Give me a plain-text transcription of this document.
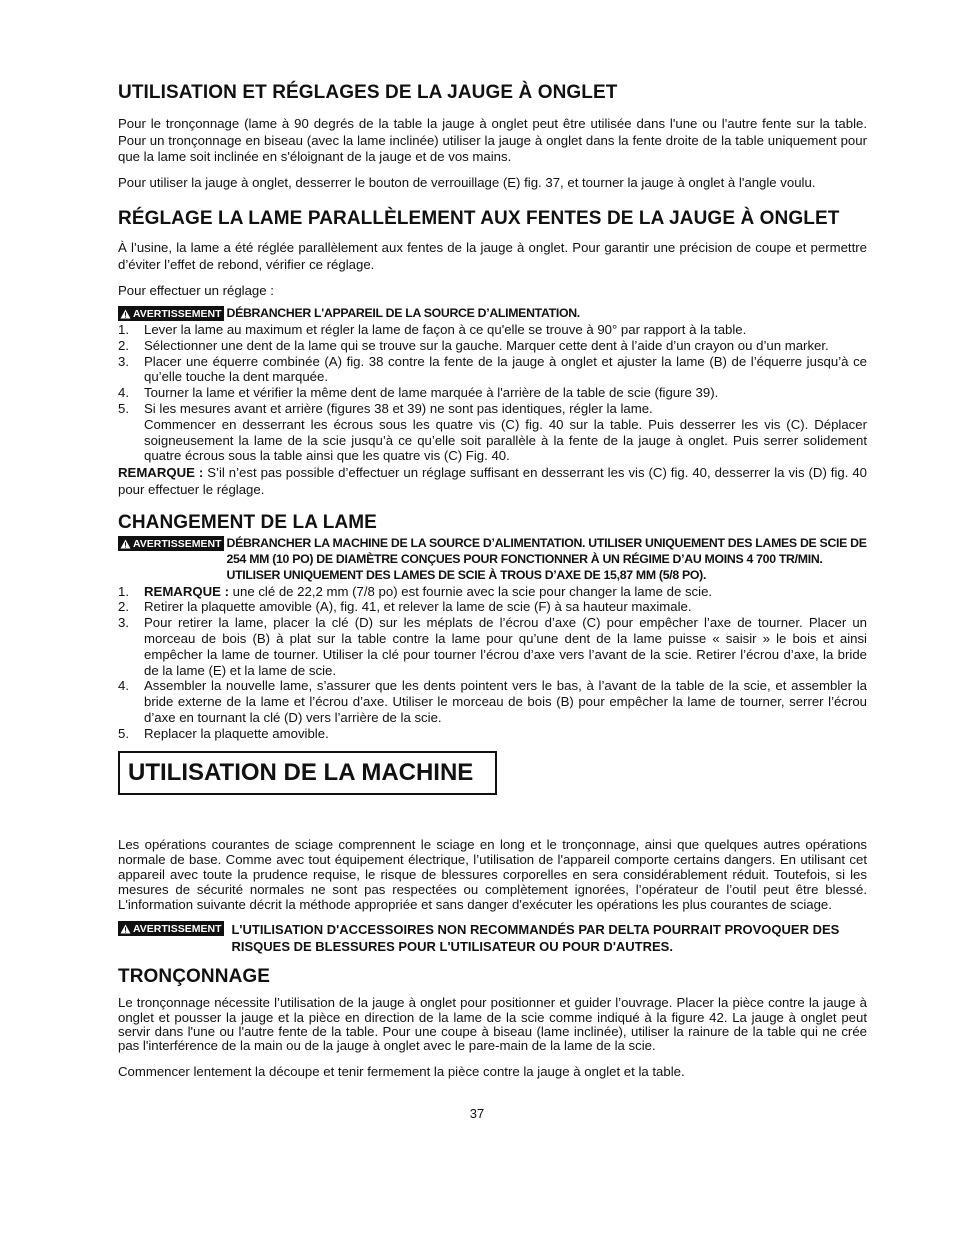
UTILISATION ET RÉGLAGES DE LA JAUGE À ONGLET

Pour le tronçonnage (lame à 90 degrés de la table la jauge à onglet peut être utilisée dans l'une ou l'autre fente sur la table. Pour un tronçonnage en biseau (avec la lame inclinée) utiliser la jauge à onglet dans la fente droite de la table uniquement pour que la lame soit inclinée en s'éloignant de la jauge et de vos mains.

Pour utiliser la jauge à onglet, desserrer le bouton de verrouillage (E) fig. 37, et tourner la jauge à onglet à l'angle voulu.

RÉGLAGE LA LAME PARALLÈLEMENT AUX FENTES DE LA JAUGE À ONGLET

À l’usine, la lame a été réglée parallèlement aux fentes de la jauge à onglet. Pour garantir une précision de coupe et permettre d’éviter l’effet de rebond, vérifier ce réglage.

Pour effectuer un réglage :

AVERTISSEMENT DÉBRANCHER L'APPAREIL DE LA SOURCE D’ALIMENTATION.
1.	Lever la lame au maximum et régler la lame de façon à ce qu'elle se trouve à 90° par rapport à la table.
2.	Sélectionner une dent de la lame qui se trouve sur la gauche. Marquer cette dent à l’aide d’un crayon ou d’un marker.
3.	Placer une équerre combinée (A) fig. 38 contre la fente de la jauge à onglet et ajuster la lame (B) de l’équerre jusqu’à ce qu’elle touche la dent marquée.
4.	Tourner la lame et vérifier la même dent de lame marquée à l'arrière de la table de scie (figure 39).
5.	Si les mesures avant et arrière (figures 38 et 39) ne sont pas identiques, régler la lame.
Commencer en desserrant les écrous sous les quatre vis (C) fig. 40 sur la table. Puis desserrer les vis (C). Déplacer soigneusement la lame de la scie jusqu’à ce qu’elle soit parallèle à la fente de la jauge à onglet. Puis serrer solidement quatre écrous sous la table ainsi que les quatre vis (C) Fig. 40.
REMARQUE : S’il n’est pas possible d’effectuer un réglage suffisant en desserrant les vis (C) fig. 40, desserrer la vis (D) fig. 40 pour effectuer le réglage.
CHANGEMENT DE LA LAME
AVERTISSEMENT DÉBRANCHER LA MACHINE DE LA SOURCE D’ALIMENTATION. UTILISER UNIQUEMENT DES LAMES DE SCIE DE 254 MM (10 PO) DE DIAMÈTRE CONÇUES POUR FONCTIONNER À UN RÉGIME D’AU MOINS 4 700 TR/MIN. UTILISER UNIQUEMENT DES LAMES DE SCIE À TROUS D’AXE DE 15,87 MM (5/8 PO).
1.	REMARQUE : une clé de 22,2 mm (7/8 po) est fournie avec la scie pour changer la lame de scie.
2.	Retirer la plaquette amovible (A), fig. 41, et relever la lame de scie (F) à sa hauteur maximale.
3.	Pour retirer la lame, placer la clé (D) sur les méplats de l’écrou d’axe (C) pour empêcher l’axe de tourner. Placer un morceau de bois (B) à plat sur la table contre la lame pour qu’une dent de la lame puisse « saisir » le bois et ainsi empêcher la lame de tourner. Utiliser la clé pour tourner l’écrou d’axe vers l’avant de la scie. Retirer l’écrou d’axe, la bride de la lame (E) et la lame de scie.
4.	Assembler la nouvelle lame, s’assurer que les dents pointent vers le bas, à l’avant de la table de la scie, et assembler la bride externe de la lame et l’écrou d’axe. Utiliser le morceau de bois (B) pour empêcher la lame de tourner, serrer l’écrou d’axe en tournant la clé (D) vers l’arrière de la scie.
5.	Replacer la plaquette amovible.
UTILISATION DE LA MACHINE

Les opérations courantes de sciage comprennent le sciage en long et le tronçonnage, ainsi que quelques autres opérations normale de base. Comme avec tout équipement électrique, l’utilisation de l'appareil comporte certains dangers. En utilisant cet appareil avec toute la prudence requise, le risque de blessures corporelles en sera considérablement réduit. Toutefois, si les mesures de sécurité normales ne sont pas respectées ou complètement ignorées, l’opérateur de l’outil peut être blessé. L'information suivante décrit la méthode appropriée et sans danger d'exécuter les opérations les plus courantes de sciage.

AVERTISSEMENT L'UTILISATION D'ACCESSOIRES NON RECOMMANDÉS PAR DELTA POURRAIT PROVOQUER DES RISQUES DE BLESSURES POUR L'UTILISATEUR OU POUR D'AUTRES.
TRONÇONNAGE

Le tronçonnage nécessite l’utilisation de la jauge à onglet pour positionner et guider l’ouvrage. Placer la pièce contre la jauge à onglet et pousser la jauge et la pièce en direction de la lame de la scie comme indiqué à la figure 42. La jauge à onglet peut servir dans l'une ou l'autre fente de la table. Pour une coupe à biseau (lame inclinée), utiliser la rainure de la table qui ne crée pas l'interférence de la main ou de la jauge à onglet avec le pare-main de la lame de la scie.

Commencer lentement la découpe et tenir fermement la pièce contre la jauge à onglet et la table.

37
